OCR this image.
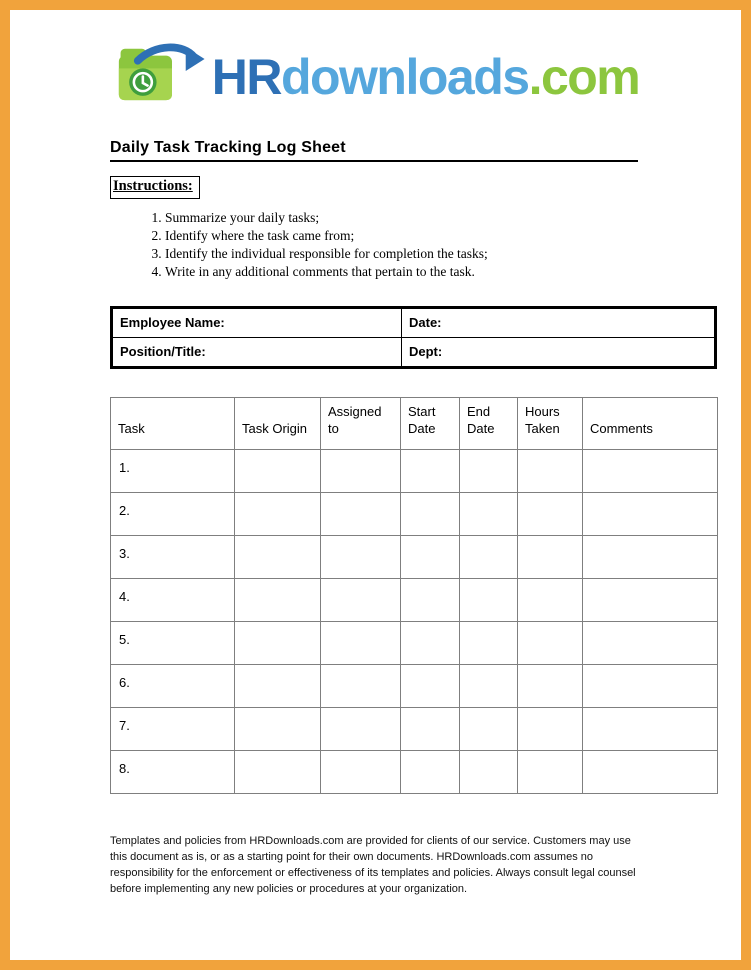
HRdownloads.com
Daily Task Tracking Log Sheet
Instructions:
1. Summarize your daily tasks;
2. Identify where the task came from;
3. Identify the individual responsible for completion the tasks;
4. Write in any additional comments that pertain to the task.
Employee Name:	Date:
Position/Title:	Dept:
Task	Task Origin	Assigned to	Start Date	End Date	Hours Taken	Comments
1.						
2.						
3.						
4.						
5.						
6.						
7.						
8.						

Templates and policies from HRDownloads.com are provided for clients of our service. Customers may use this document as is, or as a starting point for their own documents. HRDownloads.com assumes no responsibility for the enforcement or effectiveness of its templates and policies. Always consult legal counsel before implementing any new policies or procedures at your organization.
